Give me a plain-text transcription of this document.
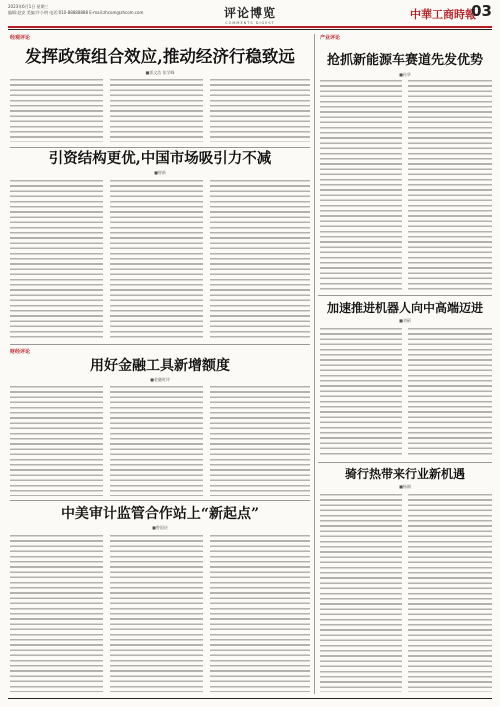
2023年6月1日 星期三
编辑:赵安 美编:许小明 电话:010-88888888 E-mail:zhcom@zhcom.com	评论博览
COMMENTS DIGEST
中華工商時報
03
经观评论
发挥政策组合效应,推动经济行稳致远
■郭文浩 张学峰
引资结构更优,中国市场吸引力不减
■财新
产业评论
抢抓新能源车赛道先发优势
■孙华
加速推进机器人向中高端迈进
■刘硕
财经评论
用好金融工具新增额度
■金融时评
骑行热带来行业新机遇
■杨刚
中美审计监管合作站上“新起点”
■曾国庆
